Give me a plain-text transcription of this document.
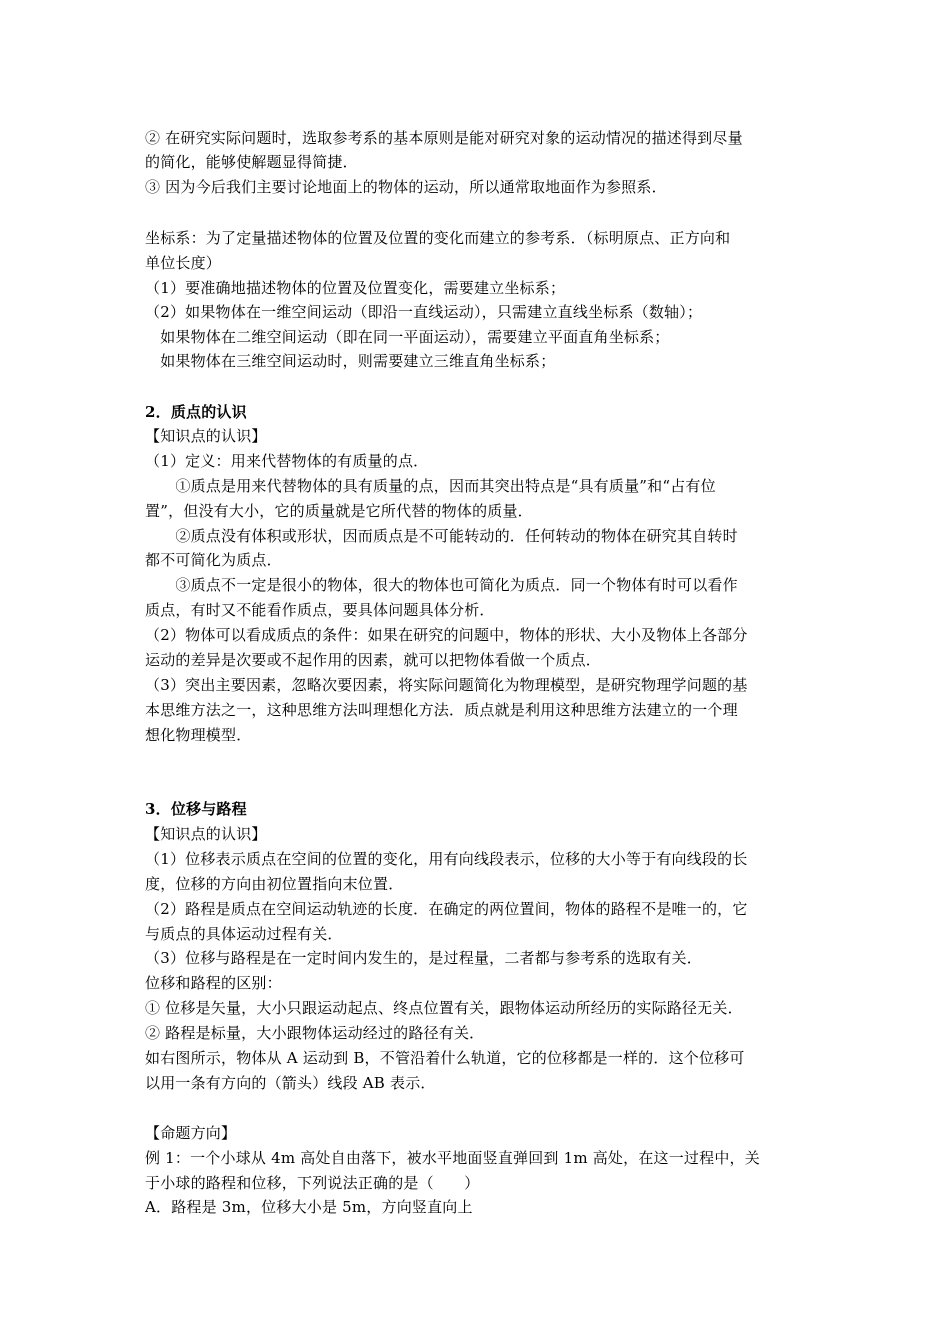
② 在研究实际问题时，选取参考系的基本原则是能对研究对象的运动情况的描述得到尽量
的简化，能够使解题显得简捷．
③ 因为今后我们主要讨论地面上的物体的运动，所以通常取地面作为参照系．
坐标系：为了定量描述物体的位置及位置的变化而建立的参考系．（标明原点、正方向和
单位长度）
（1）要准确地描述物体的位置及位置变化，需要建立坐标系；
（2）如果物体在一维空间运动（即沿一直线运动），只需建立直线坐标系（数轴）；
　如果物体在二维空间运动（即在同一平面运动），需要建立平面直角坐标系；
　如果物体在三维空间运动时，则需要建立三维直角坐标系；
2．质点的认识
【知识点的认识】
（1）定义：用来代替物体的有质量的点．
　　①质点是用来代替物体的具有质量的点，因而其突出特点是“具有质量”和“占有位
置”，但没有大小，它的质量就是它所代替的物体的质量．
　　②质点没有体积或形状，因而质点是不可能转动的．任何转动的物体在研究其自转时
都不可简化为质点．
　　③质点不一定是很小的物体，很大的物体也可简化为质点．同一个物体有时可以看作
质点，有时又不能看作质点，要具体问题具体分析．
（2）物体可以看成质点的条件：如果在研究的问题中，物体的形状、大小及物体上各部分
运动的差异是次要或不起作用的因素，就可以把物体看做一个质点．
（3）突出主要因素，忽略次要因素，将实际问题简化为物理模型，是研究物理学问题的基
本思维方法之一，这种思维方法叫理想化方法．质点就是利用这种思维方法建立的一个理
想化物理模型．
3．位移与路程
【知识点的认识】
（1）位移表示质点在空间的位置的变化，用有向线段表示，位移的大小等于有向线段的长
度，位移的方向由初位置指向末位置．
（2）路程是质点在空间运动轨迹的长度．在确定的两位置间，物体的路程不是唯一的，它
与质点的具体运动过程有关．
（3）位移与路程是在一定时间内发生的，是过程量，二者都与参考系的选取有关．
位移和路程的区别：
① 位移是矢量，大小只跟运动起点、终点位置有关，跟物体运动所经历的实际路径无关．
② 路程是标量，大小跟物体运动经过的路径有关．
如右图所示，物体从 A 运动到 B，不管沿着什么轨道，它的位移都是一样的．这个位移可
以用一条有方向的（箭头）线段 AB 表示．
【命题方向】
例 1：一个小球从 4m 高处自由落下，被水平地面竖直弹回到 1m 高处，在这一过程中，关
于小球的路程和位移，下列说法正确的是（　　）
A．路程是 3m，位移大小是 5m，方向竖直向上
